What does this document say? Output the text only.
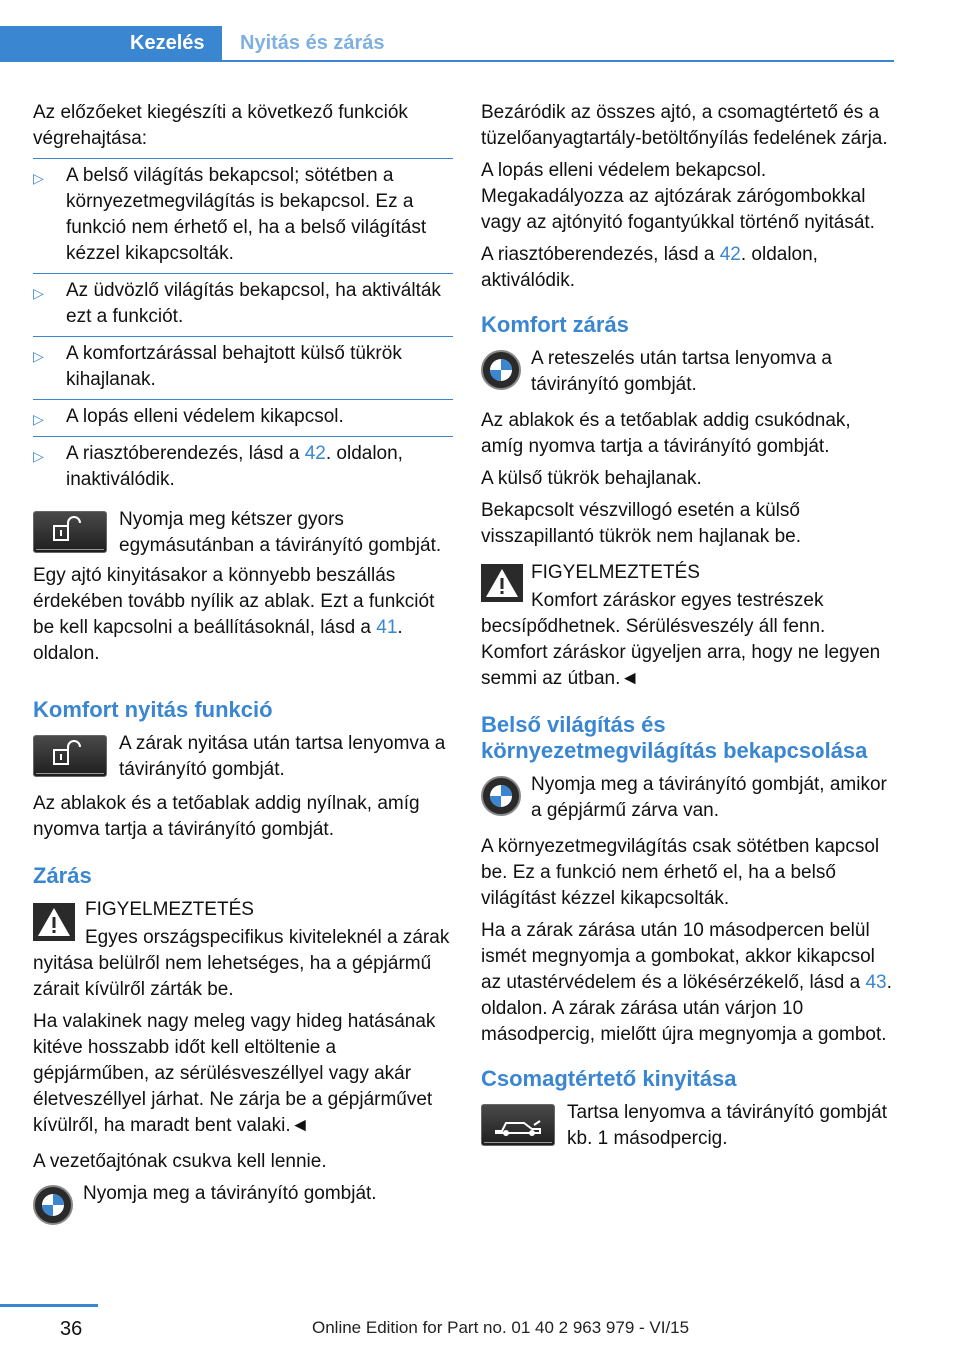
Kezelés Nyitás és zárás

Az előzőeket kiegészíti a következő funkciók végrehajtása:

▷ A belső világítás bekapcsol; sötétben a környezetmegvilágítás is bekapcsol. Ez a funkció nem érhető el, ha a belső világítást kézzel kikapcsolták.
▷ Az üdvözlő világítás bekapcsol, ha aktiválták ezt a funkciót.
▷ A komfortzárással behajtott külső tükrök kihajlanak.
▷ A lopás elleni védelem kikapcsol.
▷ A riasztóberendezés, lásd a 42. oldalon, inaktiválódik.
Nyomja meg kétszer gyors egymásutánban a távirányító gombját.

Egy ajtó kinyitásakor a könnyebb beszállás érdekében tovább nyílik az ablak. Ezt a funkciót be kell kapcsolni a beállításoknál, lásd a 41. oldalon.

Komfort nyitás funkció
A zárak nyitása után tartsa lenyomva a távirányító gombját.

Az ablakok és a tetőablak addig nyílnak, amíg nyomva tartja a távirányító gombját.

Zárás
FIGYELMEZTETÉS

Egyes országspecifikus kiviteleknél a zárak nyitása belülről nem lehetséges, ha a gépjármű zárait kívülről zárták be.

Ha valakinek nagy meleg vagy hideg hatásának kitéve hosszabb időt kell eltöltenie a gépjárműben, az sérülésveszéllyel vagy akár életveszéllyel járhat. Ne zárja be a gépjárművet kívülről, ha maradt bent valaki.◄

A vezetőajtónak csukva kell lennie.

Nyomja meg a távirányító gombját.

Bezáródik az összes ajtó, a csomagtértető és a tüzelőanyagtartály-betöltőnyílás fedelének zárja.

A lopás elleni védelem bekapcsol. Megakadályozza az ajtózárak zárógombokkal vagy az ajtónyitó fogantyúkkal történő nyitását.

A riasztóberendezés, lásd a 42. oldalon, aktiválódik.

Komfort zárás
A reteszelés után tartsa lenyomva a távirányító gombját.

Az ablakok és a tetőablak addig csukódnak, amíg nyomva tartja a távirányító gombját.

A külső tükrök behajlanak.

Bekapcsolt vészvillogó esetén a külső visszapillantó tükrök nem hajlanak be.

FIGYELMEZTETÉS

Komfort záráskor egyes testrészek becsípődhetnek. Sérülésveszély áll fenn. Komfort záráskor ügyeljen arra, hogy ne legyen semmi az útban.◄

Belső világítás és környezetmegvilágítás bekapcsolása
Nyomja meg a távirányító gombját, amikor a gépjármű zárva van.

A környezetmegvilágítás csak sötétben kapcsol be. Ez a funkció nem érhető el, ha a belső világítást kézzel kikapcsolták.

Ha a zárak zárása után 10 másodpercen belül ismét megnyomja a gombokat, akkor kikapcsol az utastérvédelem és a lökésérzékelő, lásd a 43. oldalon. A zárak zárása után várjon 10 másodpercig, mielőtt újra megnyomja a gombot.

Csomagtértető kinyitása
Tartsa lenyomva a távirányító gombját kb. 1 másodpercig.
36	Online Edition for Part no. 01 40 2 963 979 - VI/15
